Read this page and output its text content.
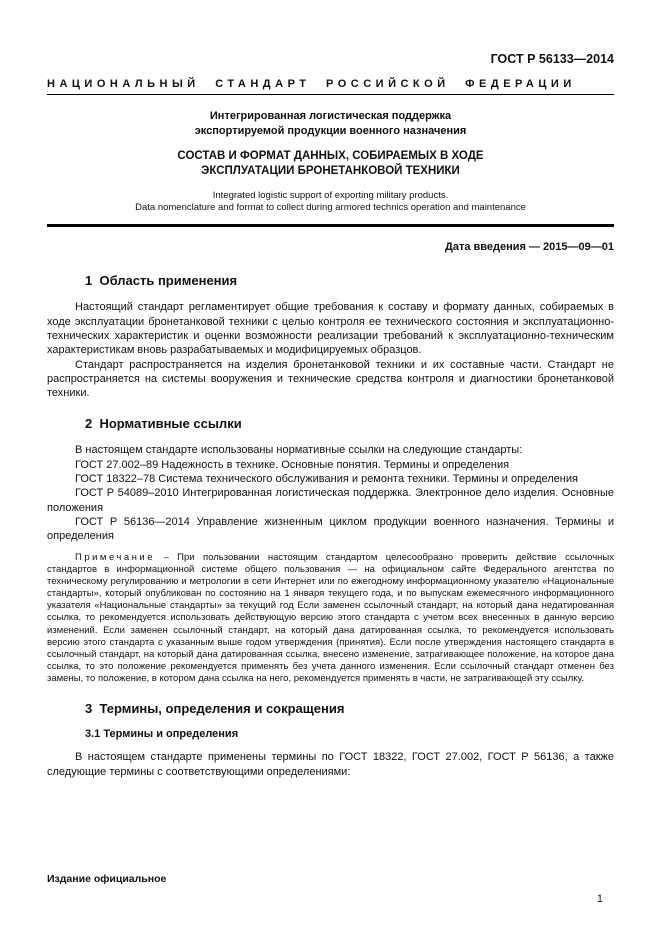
ГОСТ Р 56133—2014
НАЦИОНАЛЬНЫЙ СТАНДАРТ РОССИЙСКОЙ ФЕДЕРАЦИИ
Интегрированная логистическая поддержка
экспортируемой продукции военного назначения
СОСТАВ И ФОРМАТ ДАННЫХ, СОБИРАЕМЫХ В ХОДЕ
ЭКСПЛУАТАЦИИ БРОНЕТАНКОВОЙ ТЕХНИКИ
Integrated logistic support of exporting military products.
Data nomenclature and format to collect during armored technics operation and maintenance
Дата введения — 2015—09—01
1  Область применения

Настоящий стандарт регламентирует общие требования к составу и формату данных, собираемых в ходе эксплуатации бронетанковой техники с целью контроля ее технического состояния и эксплуатационно-технических характеристик и оценки возможности реализации требований к эксплуатационно-техническим характеристикам вновь разрабатываемых и модифицируемых образцов.

Стандарт распространяется на изделия бронетанковой техники и их составные части. Стандарт не распространяется на системы вооружения и технические средства контроля и диагностики бронетанковой техники.

2  Нормативные ссылки

В настоящем стандарте использованы нормативные ссылки на следующие стандарты:

ГОСТ 27.002–89 Надежность в технике. Основные понятия. Термины и определения

ГОСТ 18322–78 Система технического обслуживания и ремонта техники. Термины и определения

ГОСТ Р 54089–2010 Интегрированная логистическая поддержка. Электронное дело изделия. Основные положения

ГОСТ Р 56136—2014 Управление жизненным циклом продукции военного назначения. Термины и определения

Примечание – При пользовании настоящим стандартом целесообразно проверить действие ссылочных стандартов в информационной системе общего пользования — на официальном сайте Федерального агентства по техническому регулированию и метрологии в сети Интернет или по ежегодному информационному указателю «Национальные стандарты», который опубликован по состоянию на 1 января текущего года, и по выпускам ежемесячного информационного указателя «Национальные стандарты» за текущий год Если заменен ссылочный стандарт, на который дана недатированная ссылка, то рекомендуется использовать действующую версию этого стандарта с учетом всех внесенных в данную версию изменений. Если заменен ссылочный стандарт, на который дана датированная ссылка, то рекомендуется использовать версию этого стандарта с указанным выше годом утверждения (принятия). Если после утверждения настоящего стандарта в ссылочный стандарт, на который дана датированная ссылка, внесено изменение, затрагивающее положение, на которое дана ссылка, то это положение рекомендуется применять без учета данного изменения. Если ссылочный стандарт отменен без замены, то положение, в котором дана ссылка на него, рекомендуется применять в части, не затрагивающей эту ссылку.

3  Термины, определения и сокращения
3.1 Термины и определения

В настоящем стандарте применены термины по ГОСТ 18322, ГОСТ 27.002, ГОСТ Р 56136, а также следующие термины с соответствующими определениями:

Издание официальное
1
